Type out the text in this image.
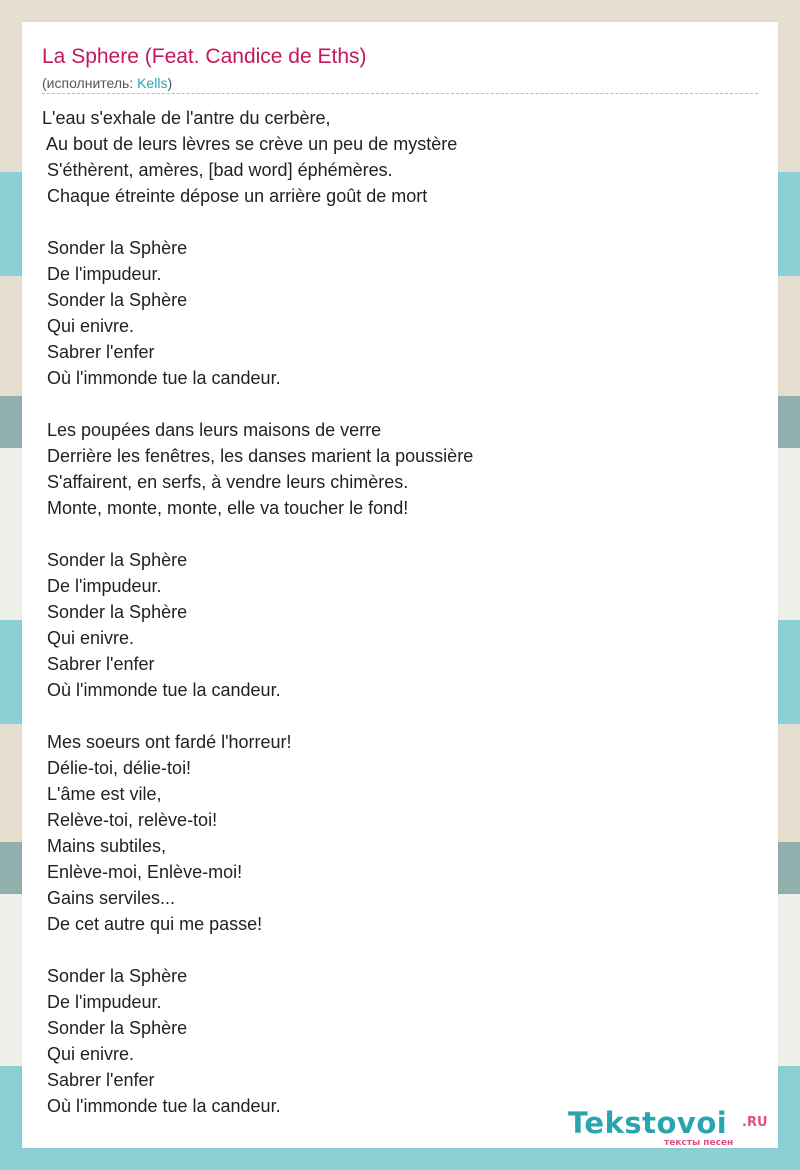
La Sphere (Feat. Candice de Eths)
(исполнитель: Kells)
L'eau s'exhale de l'antre du cerbère,
Au bout de leurs lèvres se crève un peu de mystère
S'éthèrent, amères, [bad word] éphémères.
Chaque étreinte dépose un arrière goût de mort

Sonder la Sphère
De l'impudeur.
Sonder la Sphère
Qui enivre.
Sabrer l'enfer
Où l'immonde tue la candeur.

Les poupées dans leurs maisons de verre
Derrière les fenêtres, les danses marient la poussière
S'affairent, en serfs, à vendre leurs chimères.
Monte, monte, monte, elle va toucher le fond!

Sonder la Sphère
De l'impudeur.
Sonder la Sphère
Qui enivre.
Sabrer l'enfer
Où l'immonde tue la candeur.

Mes soeurs ont fardé l'horreur!
Délie-toi, délie-toi!
L'âme est vile,
Relève-toi, relève-toi!
Mains subtiles,
Enlève-moi, Enlève-moi!
Gains serviles...
De cet autre qui me passe!

Sonder la Sphère
De l'impudeur.
Sonder la Sphère
Qui enivre.
Sabrer l'enfer
Où l'immonde tue la candeur.	Tekstovoi .RU
тексты песен
